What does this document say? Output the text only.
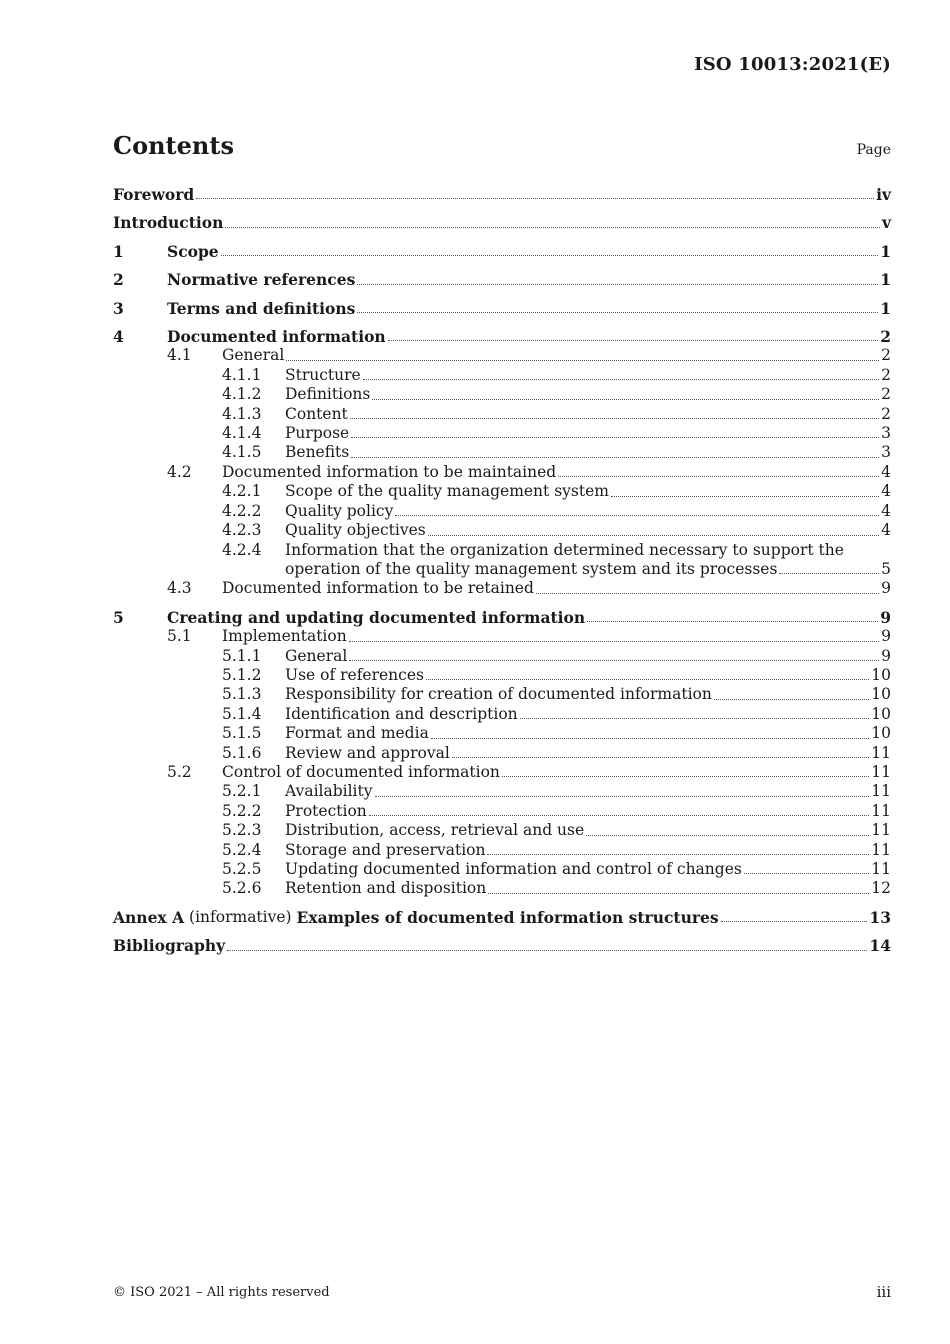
ISO 10013:2021(E)
Contents	Page
Foreword	iv
Introduction	v
1	Scope	1
2	Normative references	1
3	Terms and definitions	1
4	Documented information	2
4.1	General	2
4.1.1	Structure	2
4.1.2	Definitions	2
4.1.3	Content	2
4.1.4	Purpose	3
4.1.5	Benefits	3
4.2	Documented information to be maintained	4
4.2.1	Scope of the quality management system	4
4.2.2	Quality policy	4
4.2.3	Quality objectives	4
4.2.4	Information that the organization determined necessary to support the
operation of the quality management system and its processes	5
4.3	Documented information to be retained	9
5	Creating and updating documented information	9
5.1	Implementation	9
5.1.1	General	9
5.1.2	Use of references	10
5.1.3	Responsibility for creation of documented information	10
5.1.4	Identification and description	10
5.1.5	Format and media	10
5.1.6	Review and approval	11
5.2	Control of documented information	11
5.2.1	Availability	11
5.2.2	Protection	11
5.2.3	Distribution, access, retrieval and use	11
5.2.4	Storage and preservation	11
5.2.5	Updating documented information and control of changes	11
5.2.6	Retention and disposition	12
Annex A (informative) Examples of documented information structures	13
Bibliography	14
© ISO 2021 – All rights reserved	iii
